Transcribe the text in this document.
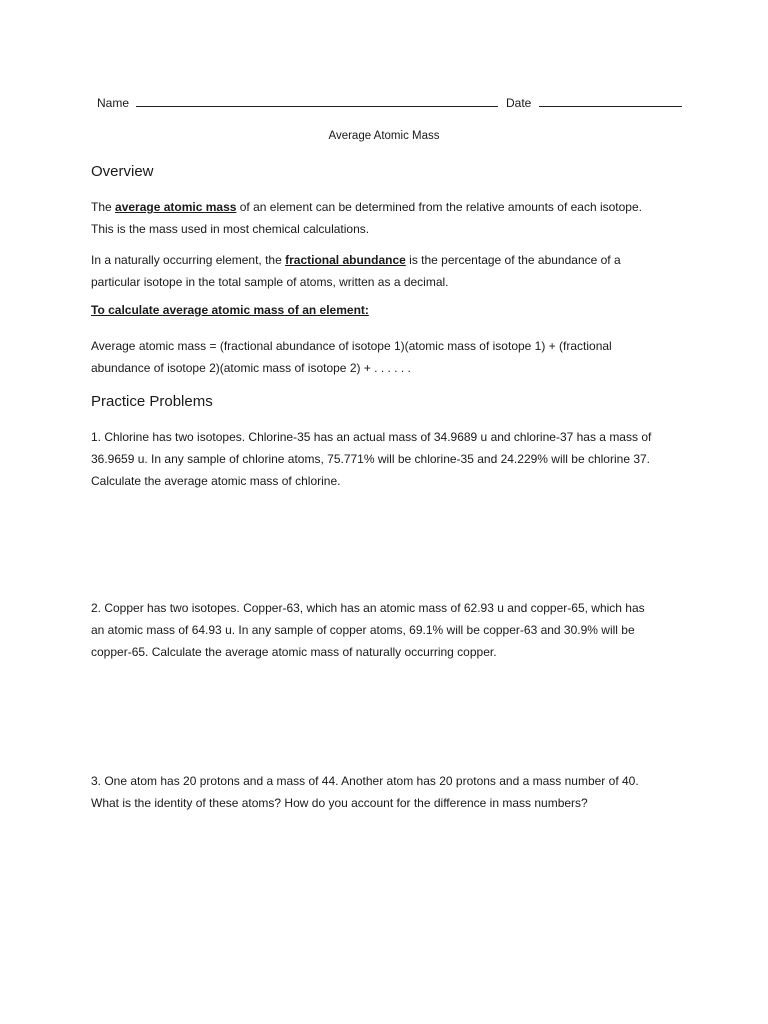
Name	Date
Average Atomic Mass
Overview
The average atomic mass of an element can be determined from the relative amounts of each isotope. This is the mass used in most chemical calculations.
In a naturally occurring element, the fractional abundance is the percentage of the abundance of a particular isotope in the total sample of atoms, written as a decimal.
To calculate average atomic mass of an element:
Average atomic mass = (fractional abundance of isotope 1)(atomic mass of isotope 1) + (fractional abundance of isotope 2)(atomic mass of isotope 2) + . . . . . .
Practice Problems
1. Chlorine has two isotopes. Chlorine-35 has an actual mass of 34.9689 u and chlorine-37 has a mass of 36.9659 u. In any sample of chlorine atoms, 75.771% will be chlorine-35 and 24.229% will be chlorine 37. Calculate the average atomic mass of chlorine.
2. Copper has two isotopes. Copper-63, which has an atomic mass of 62.93 u and copper-65, which has an atomic mass of 64.93 u. In any sample of copper atoms, 69.1% will be copper-63 and 30.9% will be copper-65. Calculate the average atomic mass of naturally occurring copper.
3. One atom has 20 protons and a mass of 44. Another atom has 20 protons and a mass number of 40. What is the identity of these atoms? How do you account for the difference in mass numbers?
